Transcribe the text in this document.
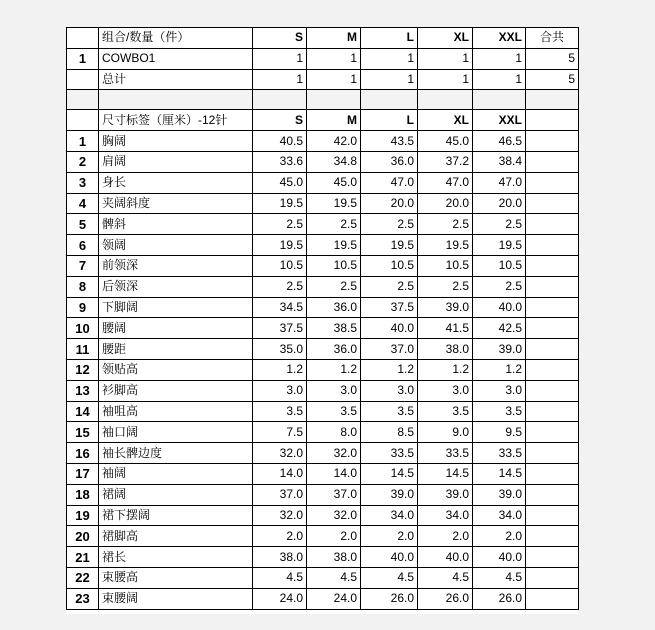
	组合/数量（件）	S	M	L	XL	XXL	合共
1	COWBO1	1	1	1	1	1	5
	总计	1	1	1	1	1	5

	尺寸标签（厘米）-12针	S	M	L	XL	XXL	
1	胸阔	40.5	42.0	43.5	45.0	46.5	
2	肩阔	33.6	34.8	36.0	37.2	38.4	
3	身长	45.0	45.0	47.0	47.0	47.0	
4	夹阔斜度	19.5	19.5	20.0	20.0	20.0	
5	髀斜	2.5	2.5	2.5	2.5	2.5	
6	领阔	19.5	19.5	19.5	19.5	19.5	
7	前领深	10.5	10.5	10.5	10.5	10.5	
8	后领深	2.5	2.5	2.5	2.5	2.5	
9	下脚阔	34.5	36.0	37.5	39.0	40.0	
10	腰阔	37.5	38.5	40.0	41.5	42.5	
11	腰距	35.0	36.0	37.0	38.0	39.0	
12	领贴高	1.2	1.2	1.2	1.2	1.2	
13	衫脚高	3.0	3.0	3.0	3.0	3.0	
14	袖咀高	3.5	3.5	3.5	3.5	3.5	
15	袖口阔	7.5	8.0	8.5	9.0	9.5	
16	袖长髀边度	32.0	32.0	33.5	33.5	33.5	
17	袖阔	14.0	14.0	14.5	14.5	14.5	
18	裙阔	37.0	37.0	39.0	39.0	39.0	
19	裙下摆阔	32.0	32.0	34.0	34.0	34.0	
20	裙脚高	2.0	2.0	2.0	2.0	2.0	
21	裙长	38.0	38.0	40.0	40.0	40.0	
22	束腰高	4.5	4.5	4.5	4.5	4.5	
23	束腰阔	24.0	24.0	26.0	26.0	26.0	
